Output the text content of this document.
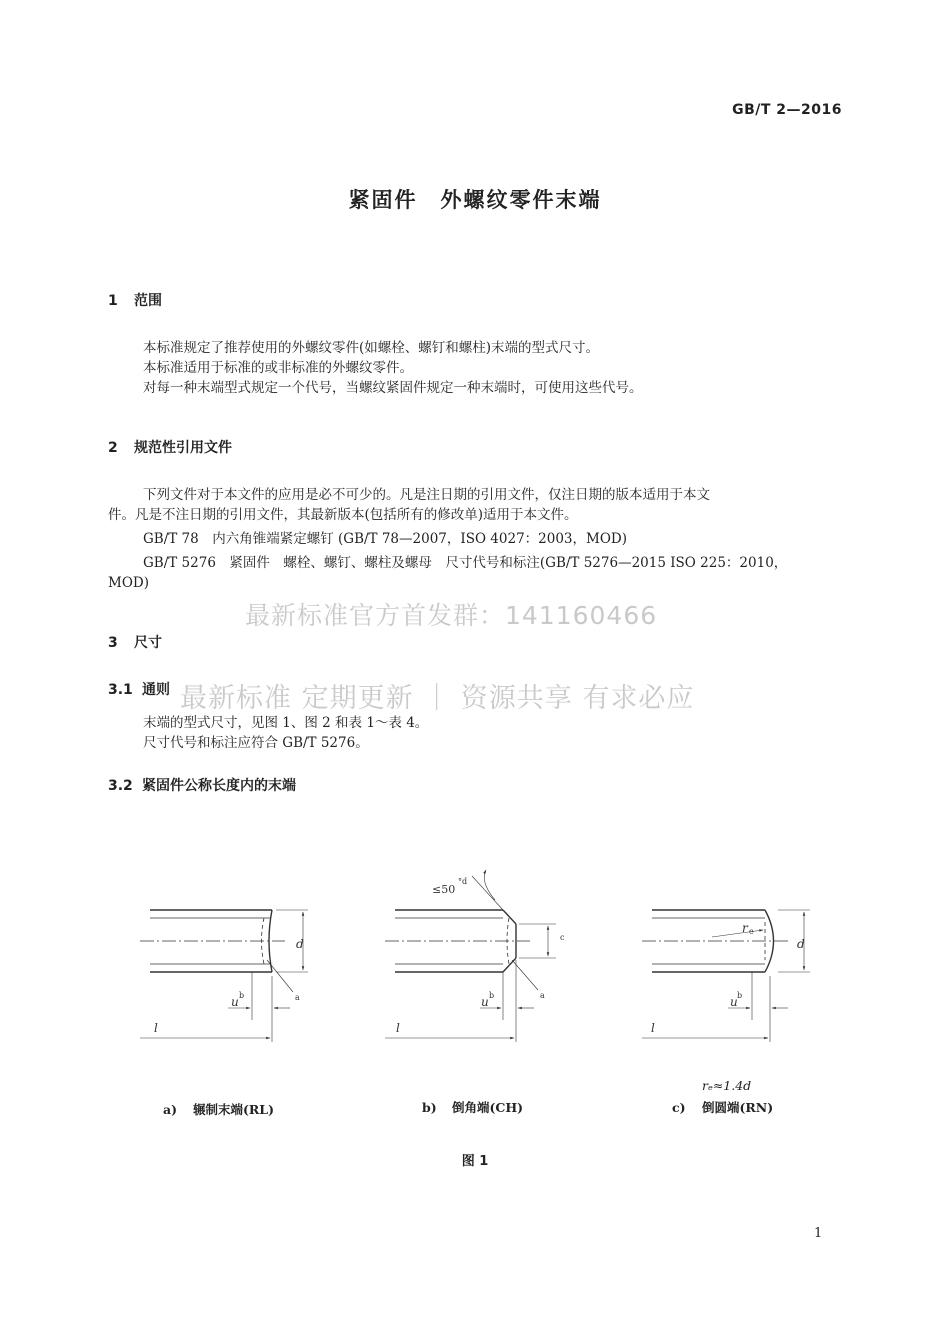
GB/T 2—2016
紧固件　外螺纹零件末端
1 范围
本标准规定了推荐使用的外螺纹零件(如螺栓、螺钉和螺柱)末端的型式尺寸。
本标准适用于标准的或非标准的外螺纹零件。
对每一种末端型式规定一个代号，当螺纹紧固件规定一种末端时，可使用这些代号。
2 规范性引用文件
下列文件对于本文件的应用是必不可少的。凡是注日期的引用文件，仅注日期的版本适用于本文
件。凡是不注日期的引用文件，其最新版本(包括所有的修改单)适用于本文件。
GB/T 78　内六角锥端紧定螺钉 (GB/T 78—2007，ISO 4027：2003，MOD)
GB/T 5276　紧固件　螺栓、螺钉、螺柱及螺母　尺寸代号和标注(GB/T 5276—2015 ISO 225：2010，
MOD)
最新标准官方首发群：141160466
3 尺寸
3.1 通则 最新标准 定期更新 ｜ 资源共享 有求必应
末端的型式尺寸，见图 1、图 2 和表 1～表 4。
尺寸代号和标注应符合 GB/T 5276。
3.2 紧固件公称长度内的末端
d
l
u
l
u
d
l
u
r
b	a	b	a
c
b
e
°d
≤50
rₑ≈1.4d
a) 辗制末端(RL)	b) 倒角端(CH)	c) 倒圆端(RN)
图 1
1
